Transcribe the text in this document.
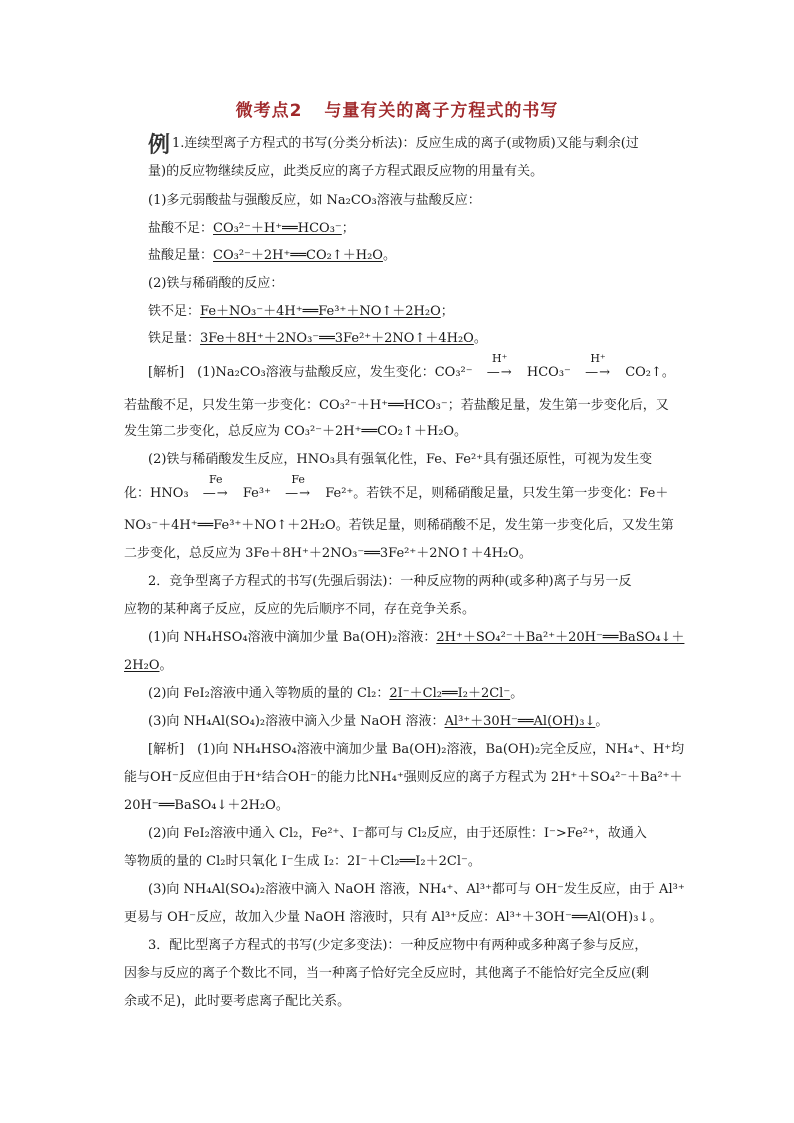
微考点2 与量有关的离子方程式的书写
例 1.连续型离子方程式的书写(分类分析法)：反应生成的离子(或物质)又能与剩余(过
量)的反应物继续反应，此类反应的离子方程式跟反应物的用量有关。
(1)多元弱酸盐与强酸反应，如 Na₂CO₃溶液与盐酸反应：
盐酸不足：CO₃²⁻＋H⁺══HCO₃⁻；
盐酸足量：CO₃²⁻＋2H⁺══CO₂↑＋H₂O。
(2)铁与稀硝酸的反应：
铁不足：Fe＋NO₃⁻＋4H⁺══Fe³⁺＋NO↑＋2H₂O；
铁足量：3Fe＋8H⁺＋2NO₃⁻══3Fe²⁺＋2NO↑＋4H₂O。
[解析]　(1)Na₂CO₃溶液与盐酸反应，发生变化：CO₃²⁻
H⁺
—→ HCO₃⁻
H⁺
—→ CO₂↑。
若盐酸不足，只发生第一步变化：CO₃²⁻＋H⁺══HCO₃⁻；若盐酸足量，发生第一步变化后，又
发生第二步变化，总反应为 CO₃²⁻＋2H⁺══CO₂↑＋H₂O。
(2)铁与稀硝酸发生反应，HNO₃具有强氧化性，Fe、Fe²⁺具有强还原性，可视为发生变
化：HNO₃
Fe
—→ Fe³⁺
Fe
—→ Fe²⁺。若铁不足，则稀硝酸足量，只发生第一步变化：Fe＋
NO₃⁻＋4H⁺══Fe³⁺＋NO↑＋2H₂O。若铁足量，则稀硝酸不足，发生第一步变化后，又发生第
二步变化，总反应为 3Fe＋8H⁺＋2NO₃⁻══3Fe²⁺＋2NO↑＋4H₂O。
2．竞争型离子方程式的书写(先强后弱法)：一种反应物的两种(或多种)离子与另一反
应物的某种离子反应，反应的先后顺序不同，存在竞争关系。
(1)向 NH₄HSO₄溶液中滴加少量 Ba(OH)₂溶液：2H⁺＋SO₄²⁻＋Ba²⁺＋20H⁻══BaSO₄↓＋
2H₂O。
(2)向 FeI₂溶液中通入等物质的量的 Cl₂：2I⁻＋Cl₂══I₂＋2Cl⁻。
(3)向 NH₄Al(SO₄)₂溶液中滴入少量 NaOH 溶液：Al³⁺＋30H⁻══Al(OH)₃↓。
[解析]　(1)向 NH₄HSO₄溶液中滴加少量 Ba(OH)₂溶液，Ba(OH)₂完全反应，NH₄⁺、H⁺均
能与OH⁻反应但由于H⁺结合OH⁻的能力比NH₄⁺强则反应的离子方程式为 2H⁺＋SO₄²⁻＋Ba²⁺＋
20H⁻══BaSO₄↓＋2H₂O。
(2)向 FeI₂溶液中通入 Cl₂，Fe²⁺、I⁻都可与 Cl₂反应，由于还原性：I⁻>Fe²⁺，故通入
等物质的量的 Cl₂时只氧化 I⁻生成 I₂：2I⁻＋Cl₂══I₂＋2Cl⁻。
(3)向 NH₄Al(SO₄)₂溶液中滴入 NaOH 溶液，NH₄⁺、Al³⁺都可与 OH⁻发生反应，由于 Al³⁺
更易与 OH⁻反应，故加入少量 NaOH 溶液时，只有 Al³⁺反应：Al³⁺＋3OH⁻══Al(OH)₃↓。
3．配比型离子方程式的书写(少定多变法)：一种反应物中有两种或多种离子参与反应，
因参与反应的离子个数比不同，当一种离子恰好完全反应时，其他离子不能恰好完全反应(剩
余或不足)，此时要考虑离子配比关系。
